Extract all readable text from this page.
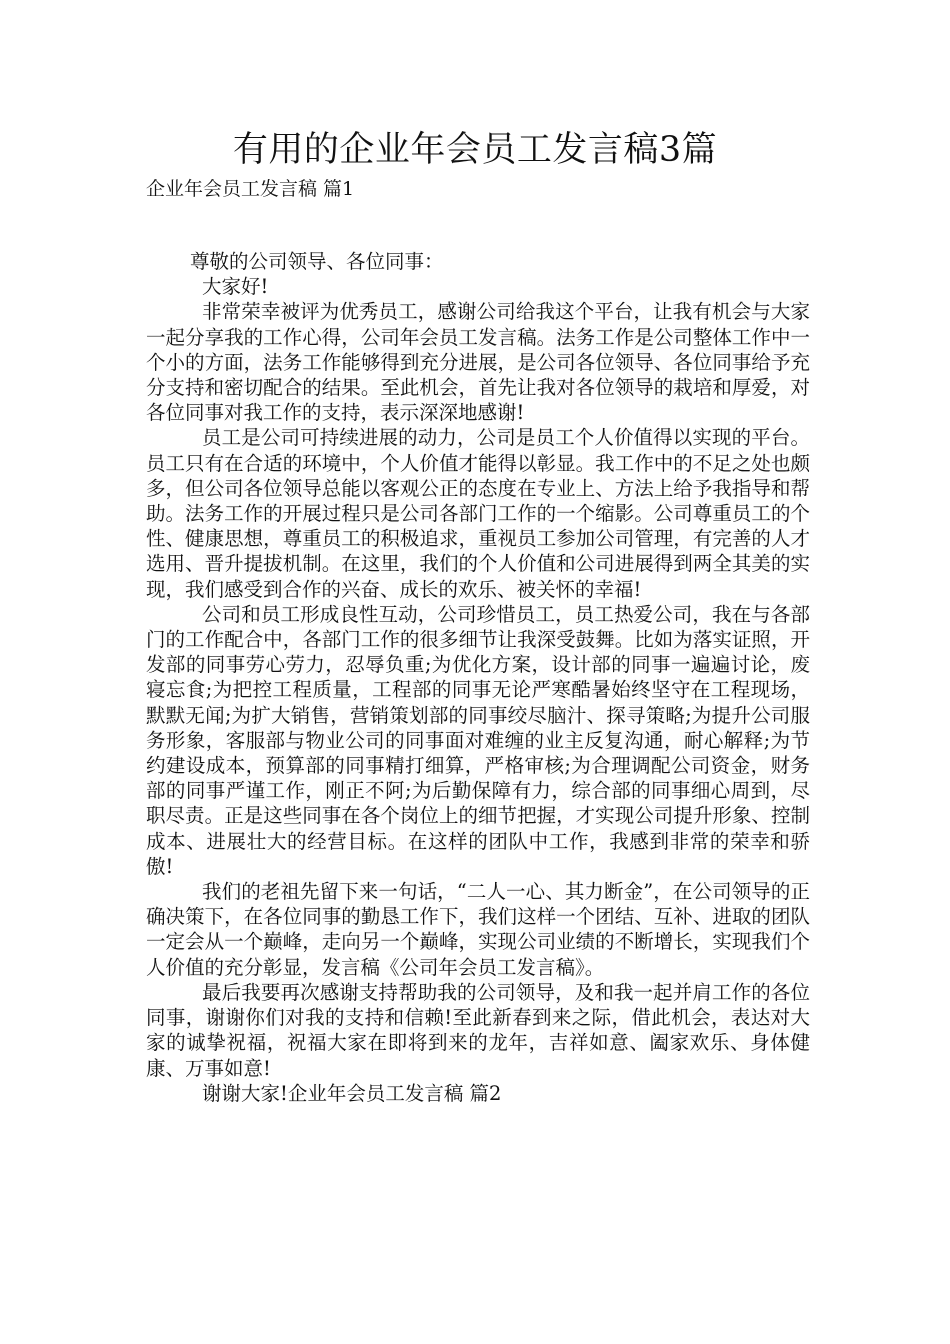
有用的企业年会员工发言稿3篇
企业年会员工发言稿 篇1

尊敬的公司领导、各位同事：

大家好!

非常荣幸被评为优秀员工，感谢公司给我这个平台，让我有机会与大家一起分享我的工作心得，公司年会员工发言稿。法务工作是公司整体工作中一个小的方面，法务工作能够得到充分进展，是公司各位领导、各位同事给予充分支持和密切配合的结果。至此机会，首先让我对各位领导的栽培和厚爱，对各位同事对我工作的支持，表示深深地感谢!

员工是公司可持续进展的动力，公司是员工个人价值得以实现的平台。员工只有在合适的环境中，个人价值才能得以彰显。我工作中的不足之处也颇多，但公司各位领导总能以客观公正的态度在专业上、方法上给予我指导和帮助。法务工作的开展过程只是公司各部门工作的一个缩影。公司尊重员工的个性、健康思想，尊重员工的积极追求，重视员工参加公司管理，有完善的人才选用、晋升提拔机制。在这里，我们的个人价值和公司进展得到两全其美的实现，我们感受到合作的兴奋、成长的欢乐、被关怀的幸福!

公司和员工形成良性互动，公司珍惜员工，员工热爱公司，我在与各部门的工作配合中，各部门工作的很多细节让我深受鼓舞。比如为落实证照，开发部的同事劳心劳力，忍辱负重;为优化方案，设计部的同事一遍遍讨论，废寝忘食;为把控工程质量，工程部的同事无论严寒酷暑始终坚守在工程现场，默默无闻;为扩大销售，营销策划部的同事绞尽脑汁、探寻策略;为提升公司服务形象，客服部与物业公司的同事面对难缠的业主反复沟通，耐心解释;为节约建设成本，预算部的同事精打细算，严格审核;为合理调配公司资金，财务部的同事严谨工作，刚正不阿;为后勤保障有力，综合部的同事细心周到，尽职尽责。正是这些同事在各个岗位上的细节把握，才实现公司提升形象、控制成本、进展壮大的经营目标。在这样的团队中工作，我感到非常的荣幸和骄傲!

我们的老祖先留下来一句话，“二人一心、其力断金”，在公司领导的正确决策下，在各位同事的勤恳工作下，我们这样一个团结、互补、进取的团队一定会从一个巅峰，走向另一个巅峰，实现公司业绩的不断增长，实现我们个人价值的充分彰显，发言稿《公司年会员工发言稿》。

最后我要再次感谢支持帮助我的公司领导，及和我一起并肩工作的各位同事，谢谢你们对我的支持和信赖!至此新春到来之际，借此机会，表达对大家的诚挚祝福，祝福大家在即将到来的龙年，吉祥如意、阖家欢乐、身体健康、万事如意!

谢谢大家!企业年会员工发言稿 篇2
